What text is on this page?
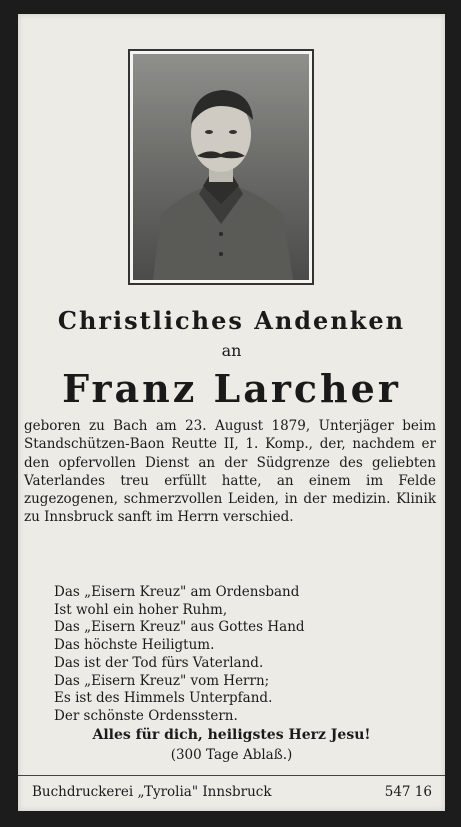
Christliches Andenken
an
Franz Larcher
geboren zu Bach am 23. August 1879, Unterjäger beim Standschützen-Baon Reutte II, 1. Komp., der, nachdem er den opfervollen Dienst an der Südgrenze des geliebten Vaterlandes treu erfüllt hatte, an einem im Felde zugezogenen, schmerzvollen Leiden, in der medizin. Klinik zu Innsbruck sanft im Herrn verschied.
Das „Eisern Kreuz" am Ordensband
Ist wohl ein hoher Ruhm,
Das „Eisern Kreuz" aus Gottes Hand
Das höchste Heiligtum.
Das ist der Tod fürs Vaterland.
Das „Eisern Kreuz" vom Herrn;
Es ist des Himmels Unterpfand.
Der schönste Ordensstern.
Alles für dich, heiligstes Herz Jesu!
(300 Tage Ablaß.)
Buchdruckerei „Tyrolia" Innsbruck	547 16
